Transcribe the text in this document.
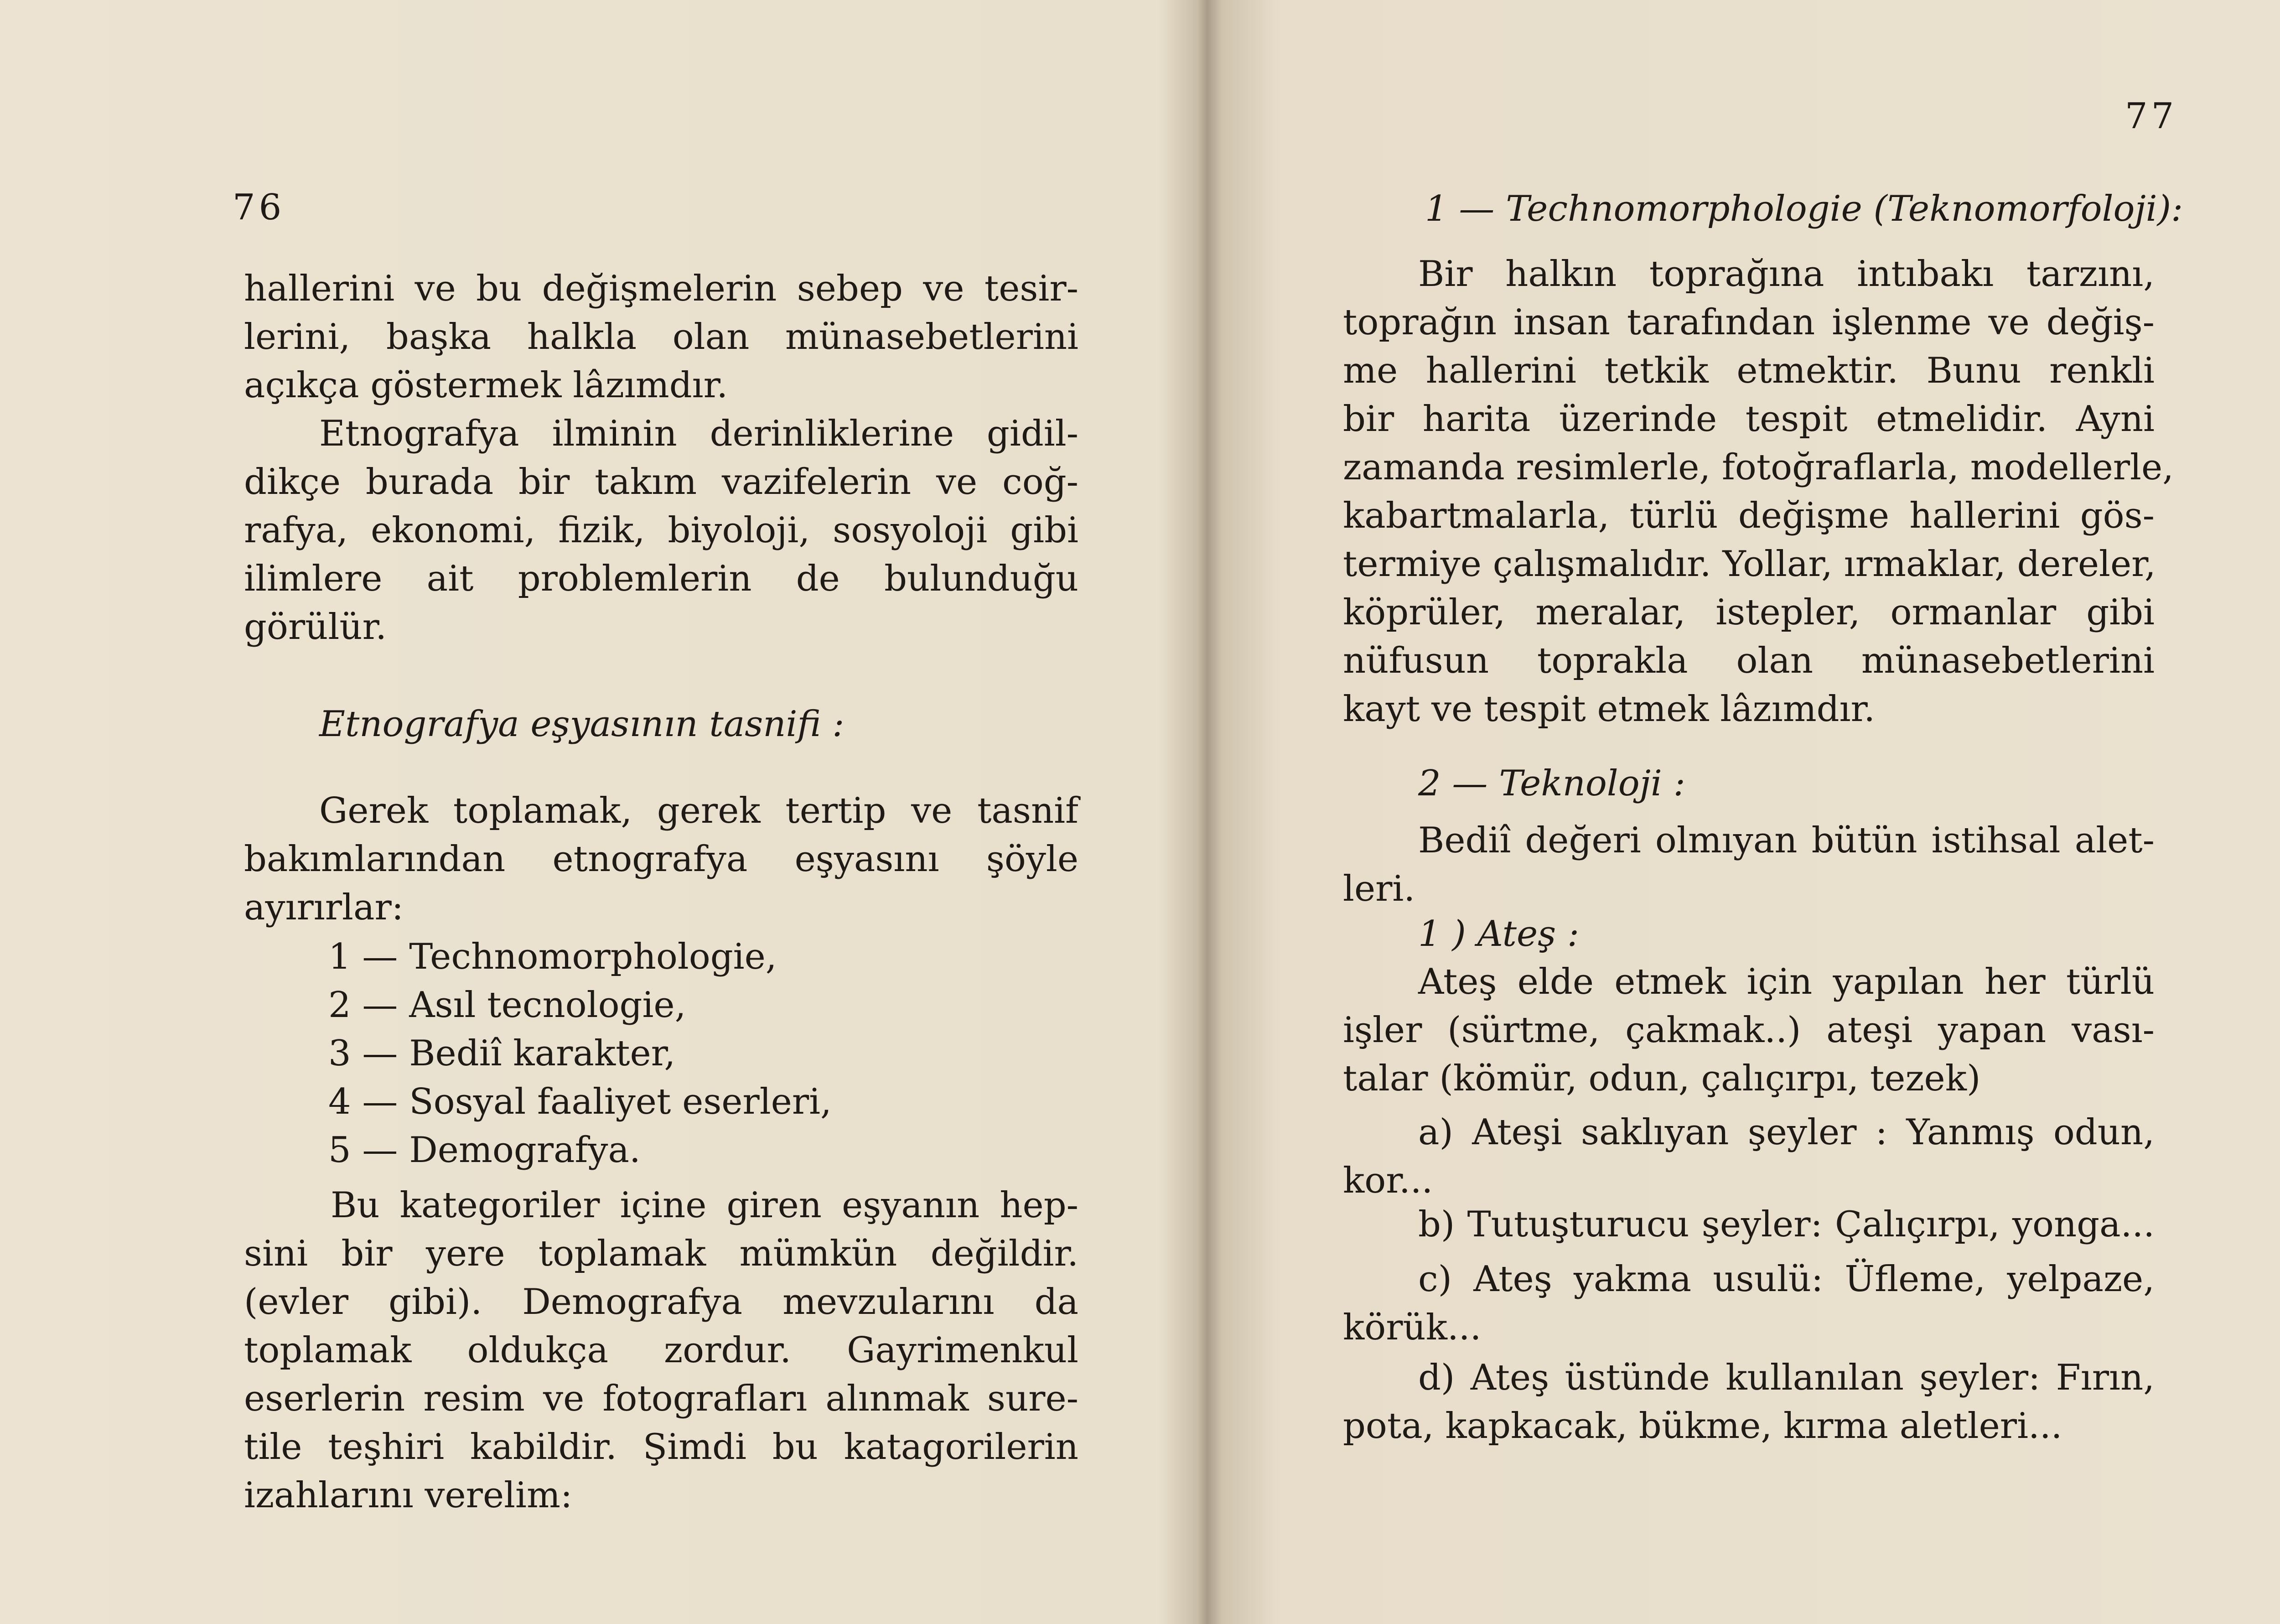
76
hallerini ve bu değişmelerin sebep ve tesir-
lerini, başka halkla olan münasebetlerini
açıkça göstermek lâzımdır.
Etnografya ilminin derinliklerine gidil-
dikçe burada bir takım vazifelerin ve coğ-
rafya, ekonomi, fizik, biyoloji, sosyoloji gibi
ilimlere ait problemlerin de bulunduğu
görülür.
Etnografya eşyasının tasnifi :
Gerek toplamak, gerek tertip ve tasnif
bakımlarından etnografya eşyasını şöyle
ayırırlar:
1 — Technomorphologie,
2 — Asıl tecnologie,
3 — Bediî karakter,
4 — Sosyal faaliyet eserleri,
5 — Demografya.
Bu kategoriler içine giren eşyanın hep-
sini bir yere toplamak mümkün değildir.
(evler gibi). Demografya mevzularını da
toplamak oldukça zordur. Gayrimenkul
eserlerin resim ve fotografları alınmak sure-
tile teşhiri kabildir. Şimdi bu katagorilerin
izahlarını verelim:
77
1 — Technomorphologie (Teknomorfoloji):
Bir halkın toprağına intıbakı tarzını,
toprağın insan tarafından işlenme ve değiş-
me hallerini tetkik etmektir. Bunu renkli
bir harita üzerinde tespit etmelidir. Ayni
zamanda resimlerle, fotoğraflarla, modellerle,
kabartmalarla, türlü değişme hallerini gös-
termiye çalışmalıdır. Yollar, ırmaklar, dereler,
köprüler, meralar, istepler, ormanlar gibi
nüfusun toprakla olan münasebetlerini
kayt ve tespit etmek lâzımdır.
2 — Teknoloji :
Bediî değeri olmıyan bütün istihsal alet-
leri.
1 ) Ateş :
Ateş elde etmek için yapılan her türlü
işler (sürtme, çakmak..) ateşi yapan vası-
talar (kömür, odun, çalıçırpı, tezek)
a) Ateşi saklıyan şeyler : Yanmış odun,
kor...
b) Tutuşturucu şeyler: Çalıçırpı, yonga...
c) Ateş yakma usulü: Üfleme, yelpaze,
körük...
d) Ateş üstünde kullanılan şeyler: Fırın,
pota, kapkacak, bükme, kırma aletleri...
